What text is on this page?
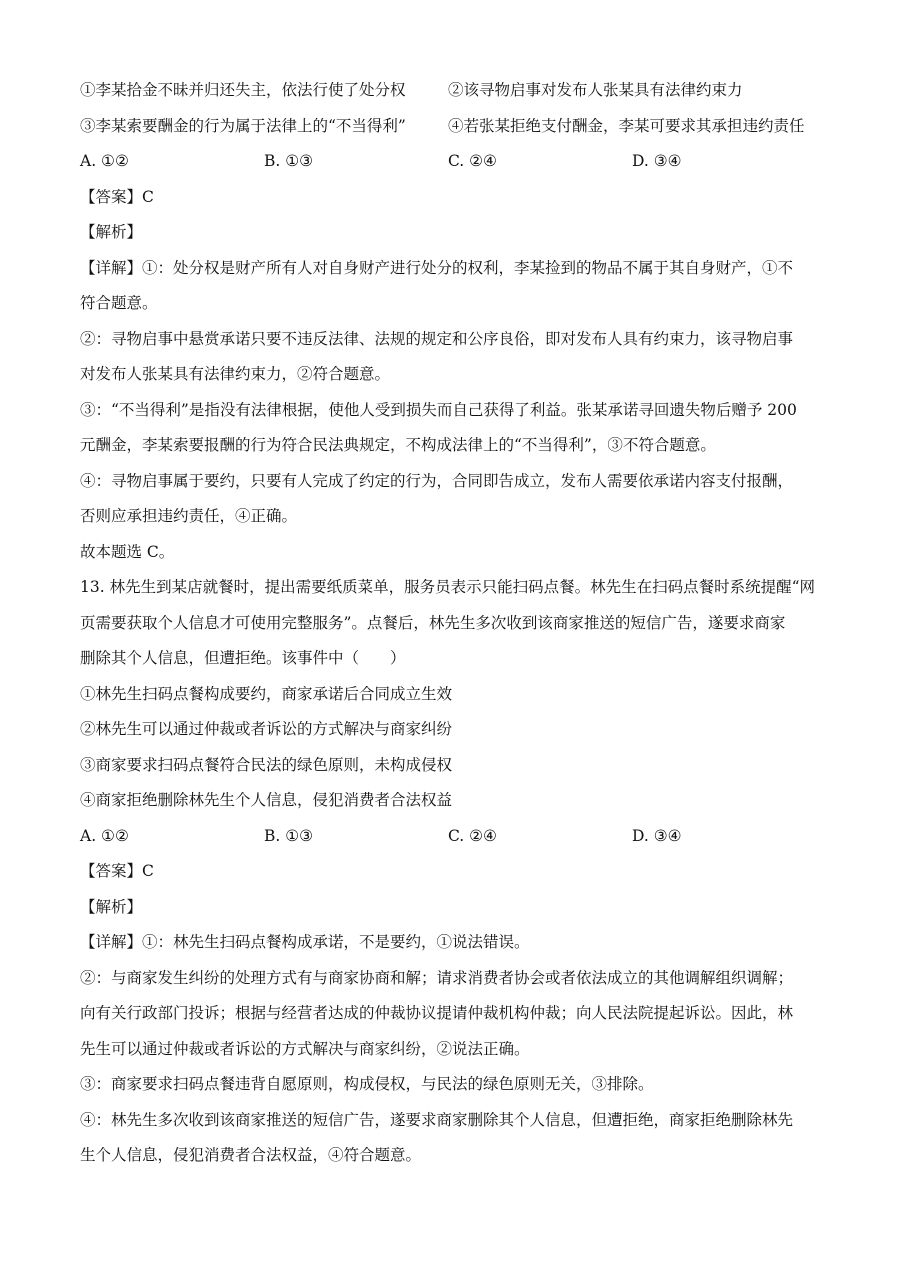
①李某拾金不昧并归还失主，依法行使了处分权	②该寻物启事对发布人张某具有法律约束力
③李某索要酬金的行为属于法律上的“不当得利”	④若张某拒绝支付酬金，李某可要求其承担违约责任
A. ①②	B. ①③	C. ②④	D. ③④
【答案】C
【解析】
【详解】①：处分权是财产所有人对自身财产进行处分的权利，李某捡到的物品不属于其自身财产，①不
符合题意。
②：寻物启事中悬赏承诺只要不违反法律、法规的规定和公序良俗，即对发布人具有约束力，该寻物启事
对发布人张某具有法律约束力，②符合题意。
③：“不当得利”是指没有法律根据，使他人受到损失而自己获得了利益。张某承诺寻回遗失物后赠予 200
元酬金，李某索要报酬的行为符合民法典规定，不构成法律上的“不当得利”，③不符合题意。
④：寻物启事属于要约，只要有人完成了约定的行为，合同即告成立，发布人需要依承诺内容支付报酬，
否则应承担违约责任，④正确。
故本题选 C。
13. 林先生到某店就餐时，提出需要纸质菜单，服务员表示只能扫码点餐。林先生在扫码点餐时系统提醒“网
页需要获取个人信息才可使用完整服务”。点餐后，林先生多次收到该商家推送的短信广告，遂要求商家
删除其个人信息，但遭拒绝。该事件中（　　）
①林先生扫码点餐构成要约，商家承诺后合同成立生效
②林先生可以通过仲裁或者诉讼的方式解决与商家纠纷
③商家要求扫码点餐符合民法的绿色原则，未构成侵权
④商家拒绝删除林先生个人信息，侵犯消费者合法权益
A. ①②	B. ①③	C. ②④	D. ③④
【答案】C
【解析】
【详解】①：林先生扫码点餐构成承诺，不是要约，①说法错误。
②：与商家发生纠纷的处理方式有与商家协商和解；请求消费者协会或者依法成立的其他调解组织调解；
向有关行政部门投诉；根据与经营者达成的仲裁协议提请仲裁机构仲裁；向人民法院提起诉讼。因此，林
先生可以通过仲裁或者诉讼的方式解决与商家纠纷，②说法正确。
③：商家要求扫码点餐违背自愿原则，构成侵权，与民法的绿色原则无关，③排除。
④：林先生多次收到该商家推送的短信广告，遂要求商家删除其个人信息，但遭拒绝，商家拒绝删除林先
生个人信息，侵犯消费者合法权益，④符合题意。
